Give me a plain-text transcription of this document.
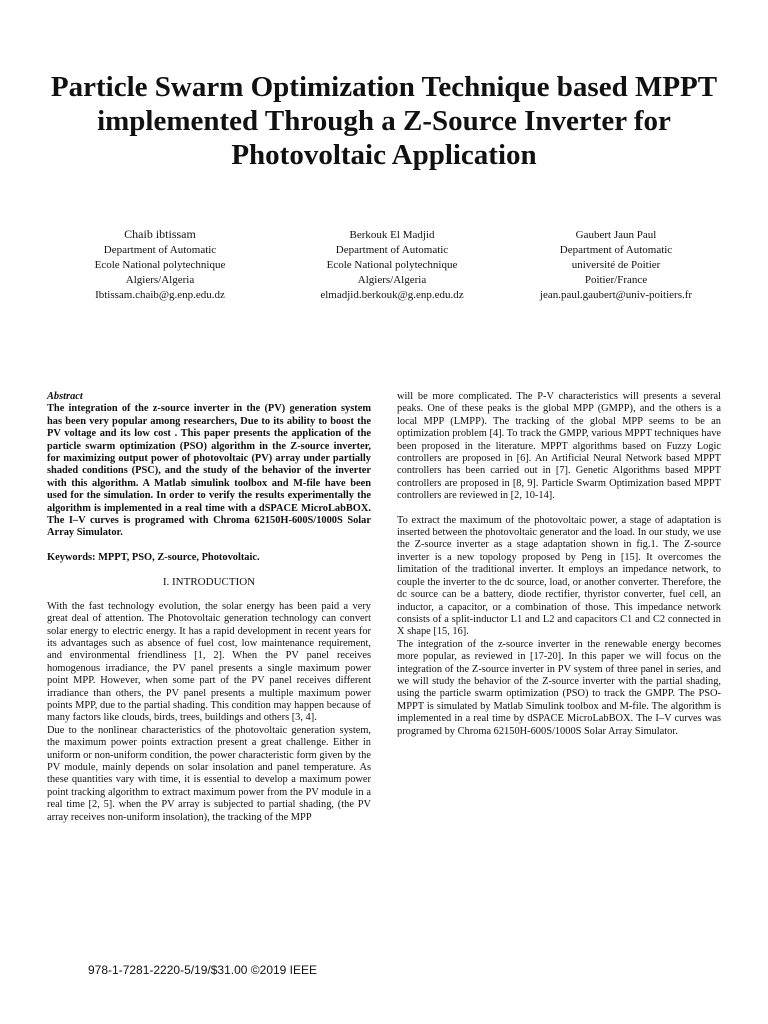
Particle Swarm Optimization Technique based MPPT implemented Through a Z-Source Inverter for Photovoltaic Application
Chaib ibtissam
Department of Automatic
Ecole National polytechnique
Algiers/Algeria
Ibtissam.chaib@g.enp.edu.dz
Berkouk El Madjid
Department of Automatic
Ecole National polytechnique
Algiers/Algeria
elmadjid.berkouk@g.enp.edu.dz
Gaubert Jaun Paul
Department of Automatic
université de Poitier
Poitier/France
jean.paul.gaubert@univ-poitiers.fr

Abstract

The integration of the z-source inverter in the (PV) generation system has been very popular among researchers, Due to its ability to boost the PV voltage and its low cost . This paper presents the application of the particle swarm optimization (PSO) algorithm in the Z-source inverter, for maximizing output power of photovoltaic (PV) array under partially shaded conditions (PSC), and the study of the behavior of the inverter with this algorithm. A Matlab simulink toolbox and M-file have been used for the simulation. In order to verify the results experimentally the algorithm is implemented in a real time with a dSPACE MicroLabBOX. The I–V curves is programed with Chroma 62150H-600S/1000S Solar Array Simulator.

Keywords: MPPT, PSO, Z-source, Photovoltaic.

I. INTRODUCTION

With the fast technology evolution, the solar energy has been paid a very great deal of attention. The Photovoltaic generation technology can convert solar energy to electric energy. It has a rapid development in recent years for its advantages such as absence of fuel cost, low maintenance requirement, and environmental friendliness [1, 2]. When the PV panel receives homogenous irradiance, the PV panel presents a single maximum power point MPP. However, when some part of the PV panel receives different irradiance than others, the PV panel presents a multiple maximum power points MPP, due to the partial shading. This condition may happen because of many factors like clouds, birds, trees, buildings and others [3, 4].

Due to the nonlinear characteristics of the photovoltaic generation system, the maximum power points extraction present a great challenge. Either in uniform or non-uniform condition, the power characteristic form given by the PV module, mainly depends on solar insolation and panel temperature. As these quantities vary with time, it is essential to develop a maximum power point tracking algorithm to extract maximum power from the PV module in a real time [2, 5]. when the PV array is subjected to partial shading, (the PV array receives non-uniform insolation), the tracking of the MPP

will be more complicated. The P-V characteristics will presents a several peaks. One of these peaks is the global MPP (GMPP), and the others is a local MPP (LMPP). The tracking of the global MPP seems to be an optimization problem [4]. To track the GMPP, various MPPT techniques have been proposed in the literature. MPPT algorithms based on Fuzzy Logic controllers are proposed in [6]. An Artificial Neural Network based MPPT controllers has been carried out in [7]. Genetic Algorithms based MPPT controllers are proposed in [8, 9]. Particle Swarm Optimization based MPPT controllers are reviewed in [2, 10-14].

To extract the maximum of the photovoltaic power, a stage of adaptation is inserted between the photovoltaic generator and the load. In our study, we use the Z-source inverter as a stage adaptation shown in fig.1. The Z-source inverter is a new topology proposed by Peng in [15]. It overcomes the limitation of the traditional inverter. It employs an impedance network, to couple the inverter to the dc source, load, or another converter. Therefore, the dc source can be a battery, diode rectifier, thyristor converter, fuel cell, an inductor, a capacitor, or a combination of those. This impedance network consists of a split-inductor L1 and L2 and capacitors C1 and C2 connected in X shape [15, 16].

The integration of the z-source inverter in the renewable energy becomes more popular, as reviewed in [17-20]. In this paper we will focus on the integration of the Z-source inverter in PV system of three panel in series, and we will study the behavior of the Z-source inverter with the partial shading, using the particle swarm optimization (PSO) to track the GMPP. The PSO-MPPT is simulated by Matlab Simulink toolbox and M-file. The algorithm is implemented in a real time by dSPACE MicroLabBOX. The I–V curves was programed by Chroma 62150H-600S/1000S Solar Array Simulator.

978-1-7281-2220-5/19/$31.00 ©2019 IEEE
